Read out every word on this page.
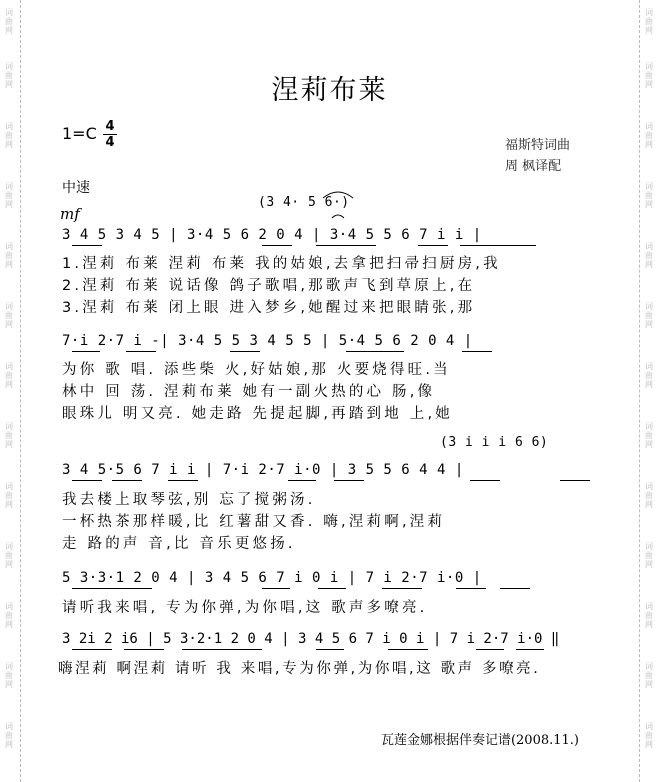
词曲网
词曲网
词曲网
词曲网
词曲网
词曲网
词曲网
词曲网
词曲网
词曲网
词曲网
词曲网
词曲网
词曲网
词曲网
词曲网
词曲网
词曲网
词曲网
词曲网
词曲网
词曲网
词曲网
词曲网
词曲网
词曲网
涅莉布莱
1=C 4
4	福斯特词曲
周 枫译配
中速
mf
(3 4· 5 6·)
3 4 5 3 4 5 | 3·4 5 6 2 0 4 | 3·4 5 5 6 7 i i |
1.涅莉 布莱 涅莉 布莱 我的姑娘,去拿把扫帚扫厨房,我
2.涅莉 布莱 说话像 鸽子歌唱,那歌声飞到草原上,在
3.涅莉 布莱 闭上眼 进入梦乡,她醒过来把眼睛张,那
7·i 2·7 i -| 3·4 5 5 3 4 5 5 | 5·4 5 6 2 0 4 |
为你 歌 唱. 添些柴 火,好姑娘,那 火要烧得旺.当
林中 回 荡. 涅莉布莱 她有一副火热的心 肠,像
眼珠儿 明又亮. 她走路 先提起脚,再踏到地 上,她
(3 i i i 6 6)
3 4 5·5 6 7 i i | 7·i 2·7 i·0 | 3 5 5 6 4 4 |
我去楼上取琴弦,别 忘了搅粥汤.
一杯热茶那样暖,比 红薯甜又香. 嗨,涅莉啊,涅莉
走 路的声 音,比 音乐更悠扬.
5 3·3·1 2 0 4 | 3 4 5 6 7 i 0 i | 7 i 2·7 i·0 |
请听我来唱, 专为你弹,为你唱,这 歌声多嘹亮.
3 2i 2 i6 | 5 3·2·1 2 0 4 | 3 4 5 6 7 i 0 i | 7 i 2·7 i·0 ‖
嗨涅莉 啊涅莉 请听 我 来唱,专为你弹,为你唱,这 歌声 多嘹亮.
瓦莲金娜根据伴奏记谱(2008.11.)
